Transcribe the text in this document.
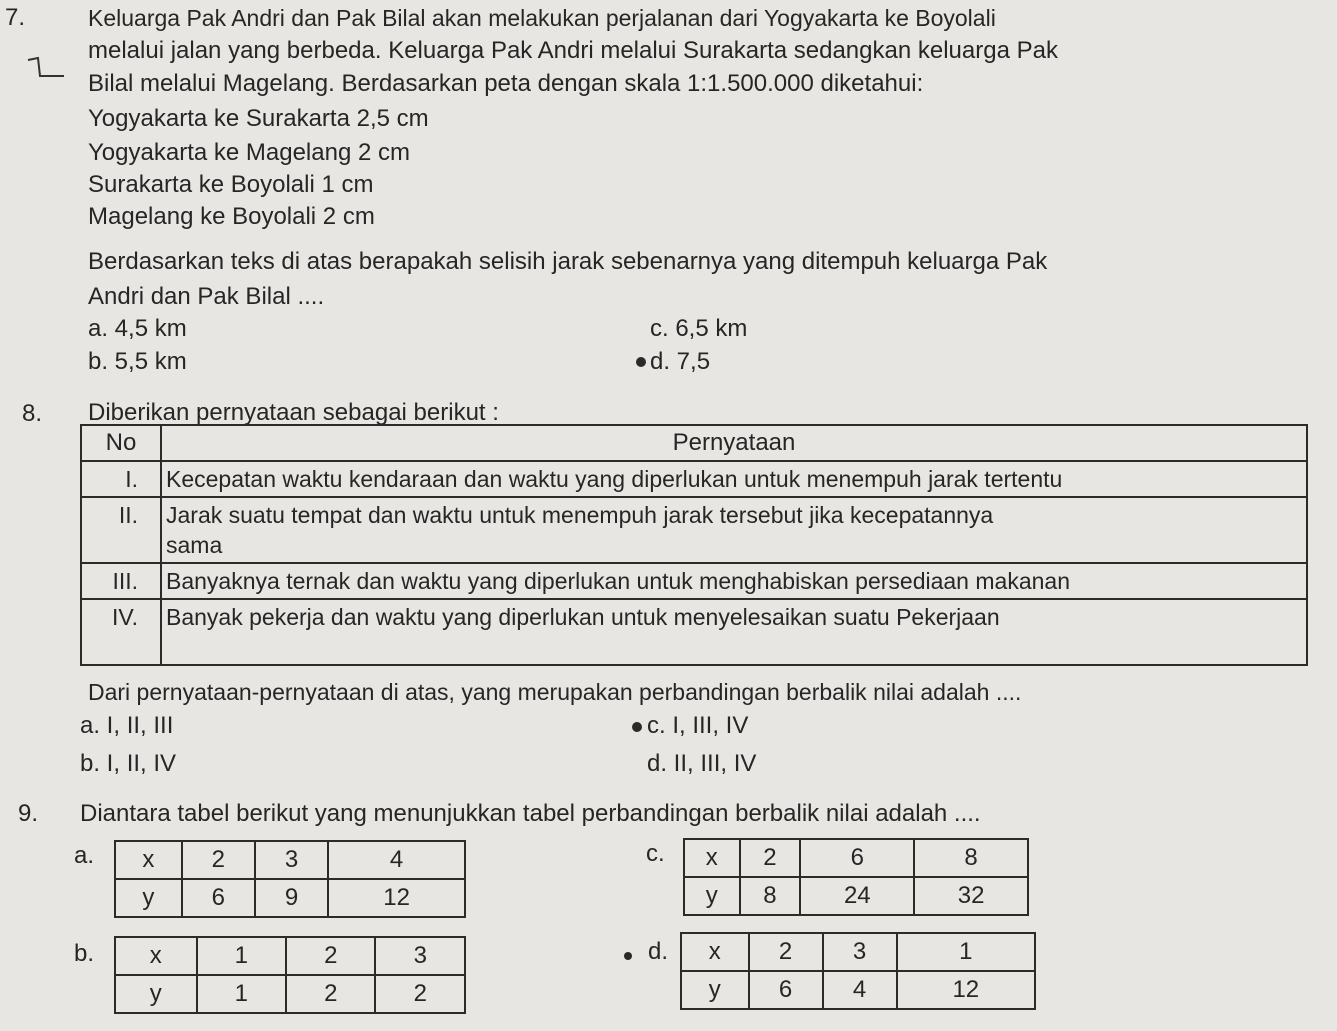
7.	Keluarga Pak Andri dan Pak Bilal akan melakukan perjalanan dari Yogyakarta ke Boyolali
melalui jalan yang berbeda. Keluarga Pak Andri melalui Surakarta sedangkan keluarga Pak
Bilal melalui Magelang. Berdasarkan peta dengan skala 1:1.500.000 diketahui:
Yogyakarta ke Surakarta 2,5 cm
Yogyakarta ke Magelang 2 cm
Surakarta ke Boyolali 1 cm
Magelang ke Boyolali 2 cm
Berdasarkan teks di atas berapakah selisih jarak sebenarnya yang ditempuh keluarga Pak
Andri dan Pak Bilal ....
a. 4,5 km	c. 6,5 km
b. 5,5 km	d. 7,5
8. Diberikan pernyataan sebagai berikut :
No	Pernyataan
I.	Kecepatan waktu kendaraan dan waktu yang diperlukan untuk menempuh jarak tertentu
II.	Jarak suatu tempat dan waktu untuk menempuh jarak tersebut jika kecepatannya sama

III.	Banyaknya ternak dan waktu yang diperlukan untuk menghabiskan persediaan makanan
IV.	Banyak pekerja dan waktu yang diperlukan untuk menyelesaikan suatu Pekerjaan
Dari pernyataan-pernyataan di atas, yang merupakan perbandingan berbalik nilai adalah ....
a. I, II, III	c. I, III, IV
b. I, II, IV	d. II, III, IV
9. Diantara tabel berikut yang menunjukkan tabel perbandingan berbalik nilai adalah ....
a. x	2	3	4
y	6	9	12
b. x	1	2	3
y	1	2	2
c. x	2	6	8
y	8	24	32
d. x	2	3	1
y	6	4	12
